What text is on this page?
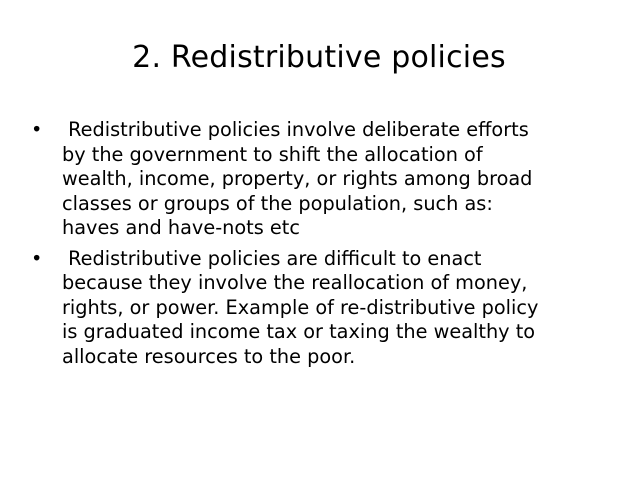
2. Redistributive policies
• Redistributive policies involve deliberate efforts
by the government to shift the allocation of
wealth, income, property, or rights among broad
classes or groups of the population, such as:
haves and have-nots etc
• Redistributive policies are difficult to enact
because they involve the reallocation of money,
rights, or power. Example of re-distributive policy
is graduated income tax or taxing the wealthy to
allocate resources to the poor.
